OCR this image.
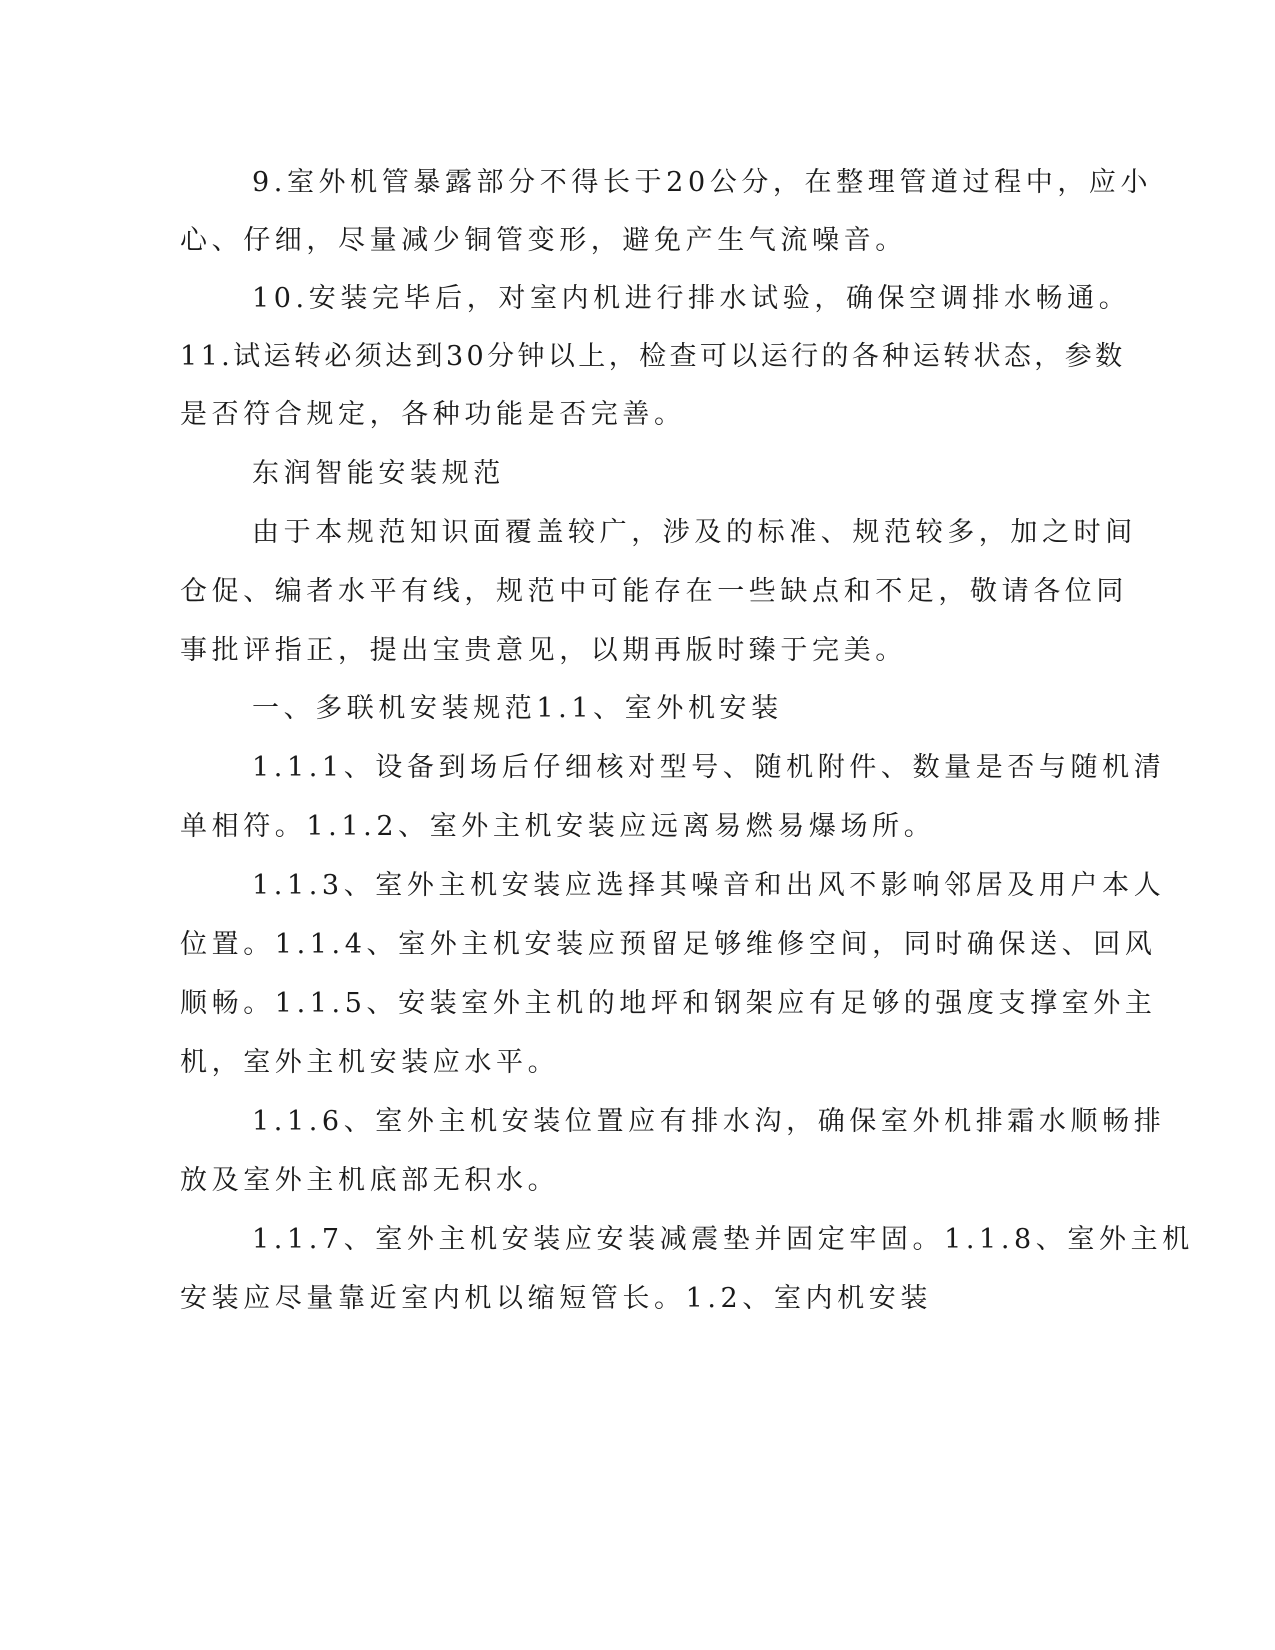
9.室外机管暴露部分不得长于20公分，在整理管道过程中，应小
心、仔细，尽量减少铜管变形，避免产生气流噪音。
10.安装完毕后，对室内机进行排水试验，确保空调排水畅通。
11.试运转必须达到30分钟以上，检查可以运行的各种运转状态，参数
是否符合规定，各种功能是否完善。
东润智能安装规范
由于本规范知识面覆盖较广，涉及的标准、规范较多，加之时间
仓促、编者水平有线，规范中可能存在一些缺点和不足，敬请各位同
事批评指正，提出宝贵意见，以期再版时臻于完美。
一、多联机安装规范1.1、室外机安装
1.1.1、设备到场后仔细核对型号、随机附件、数量是否与随机清
单相符。1.1.2、室外主机安装应远离易燃易爆场所。
1.1.3、室外主机安装应选择其噪音和出风不影响邻居及用户本人
位置。1.1.4、室外主机安装应预留足够维修空间，同时确保送、回风
顺畅。1.1.5、安装室外主机的地坪和钢架应有足够的强度支撑室外主
机，室外主机安装应水平。
1.1.6、室外主机安装位置应有排水沟，确保室外机排霜水顺畅排
放及室外主机底部无积水。
1.1.7、室外主机安装应安装减震垫并固定牢固。1.1.8、室外主机
安装应尽量靠近室内机以缩短管长。1.2、室内机安装
